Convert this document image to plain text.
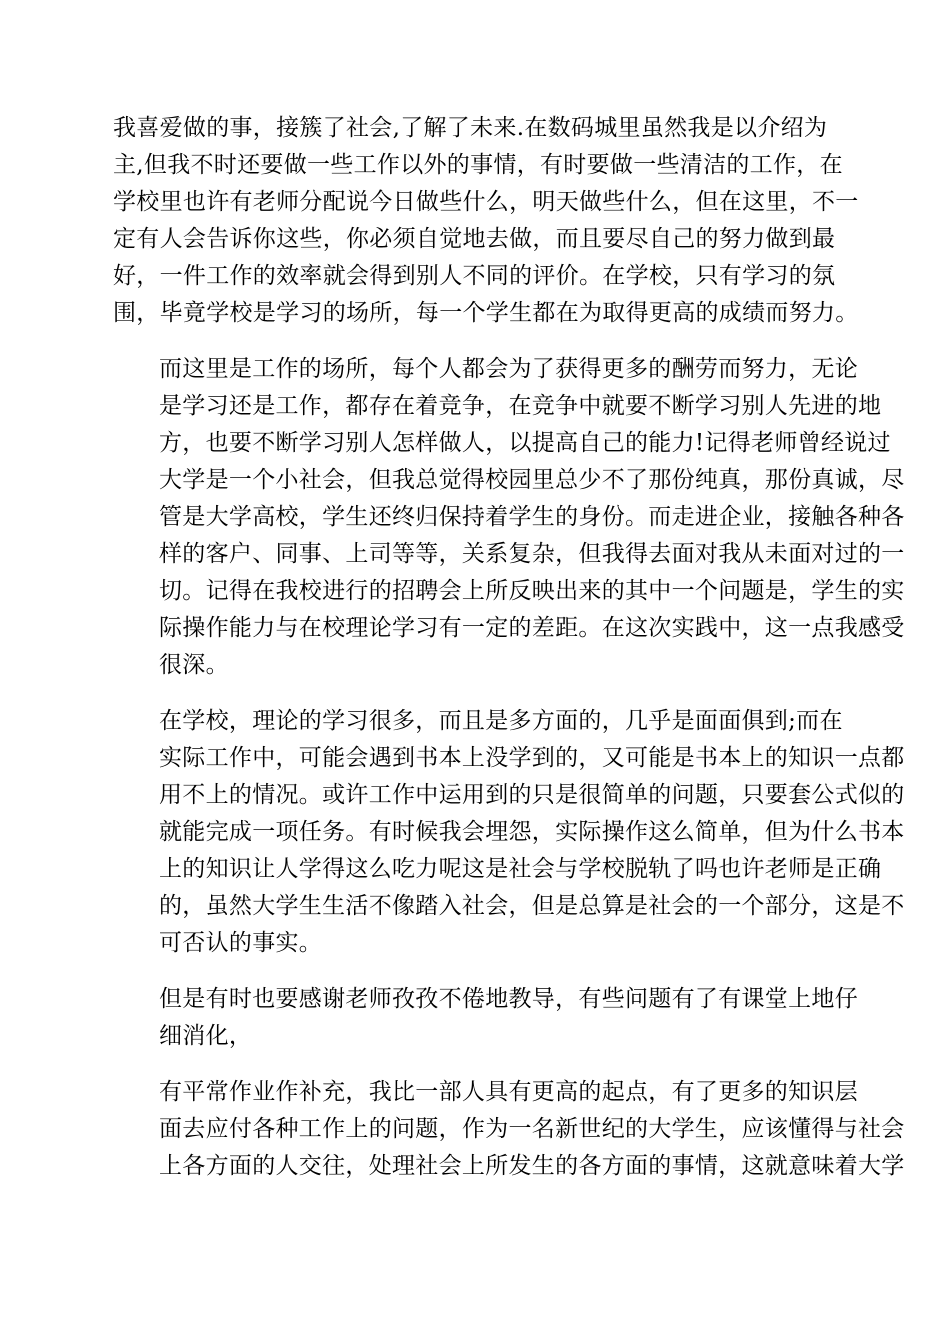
我喜爱做的事，接簇了社会,了解了未来.在数码城里虽然我是以介绍为
主,但我不时还要做一些工作以外的事情，有时要做一些清洁的工作，在
学校里也许有老师分配说今日做些什么，明天做些什么，但在这里，不一
定有人会告诉你这些，你必须自觉地去做，而且要尽自己的努力做到最
好，一件工作的效率就会得到别人不同的评价。在学校，只有学习的氛
围，毕竟学校是学习的场所，每一个学生都在为取得更高的成绩而努力。

而这里是工作的场所，每个人都会为了获得更多的酬劳而努力，无论
是学习还是工作，都存在着竞争，在竞争中就要不断学习别人先进的地
方，也要不断学习别人怎样做人，以提高自己的能力!记得老师曾经说过
大学是一个小社会，但我总觉得校园里总少不了那份纯真，那份真诚，尽
管是大学高校，学生还终归保持着学生的身份。而走进企业，接触各种各
样的客户、同事、上司等等，关系复杂，但我得去面对我从未面对过的一
切。记得在我校进行的招聘会上所反映出来的其中一个问题是，学生的实
际操作能力与在校理论学习有一定的差距。在这次实践中，这一点我感受
很深。

在学校，理论的学习很多，而且是多方面的，几乎是面面俱到;而在
实际工作中，可能会遇到书本上没学到的，又可能是书本上的知识一点都
用不上的情况。或许工作中运用到的只是很简单的问题，只要套公式似的
就能完成一项任务。有时候我会埋怨，实际操作这么简单，但为什么书本
上的知识让人学得这么吃力呢这是社会与学校脱轨了吗也许老师是正确
的，虽然大学生生活不像踏入社会，但是总算是社会的一个部分，这是不
可否认的事实。

但是有时也要感谢老师孜孜不倦地教导，有些问题有了有课堂上地仔
细消化，

有平常作业作补充，我比一部人具有更高的起点，有了更多的知识层
面去应付各种工作上的问题，作为一名新世纪的大学生，应该懂得与社会
上各方面的人交往，处理社会上所发生的各方面的事情，这就意味着大学
